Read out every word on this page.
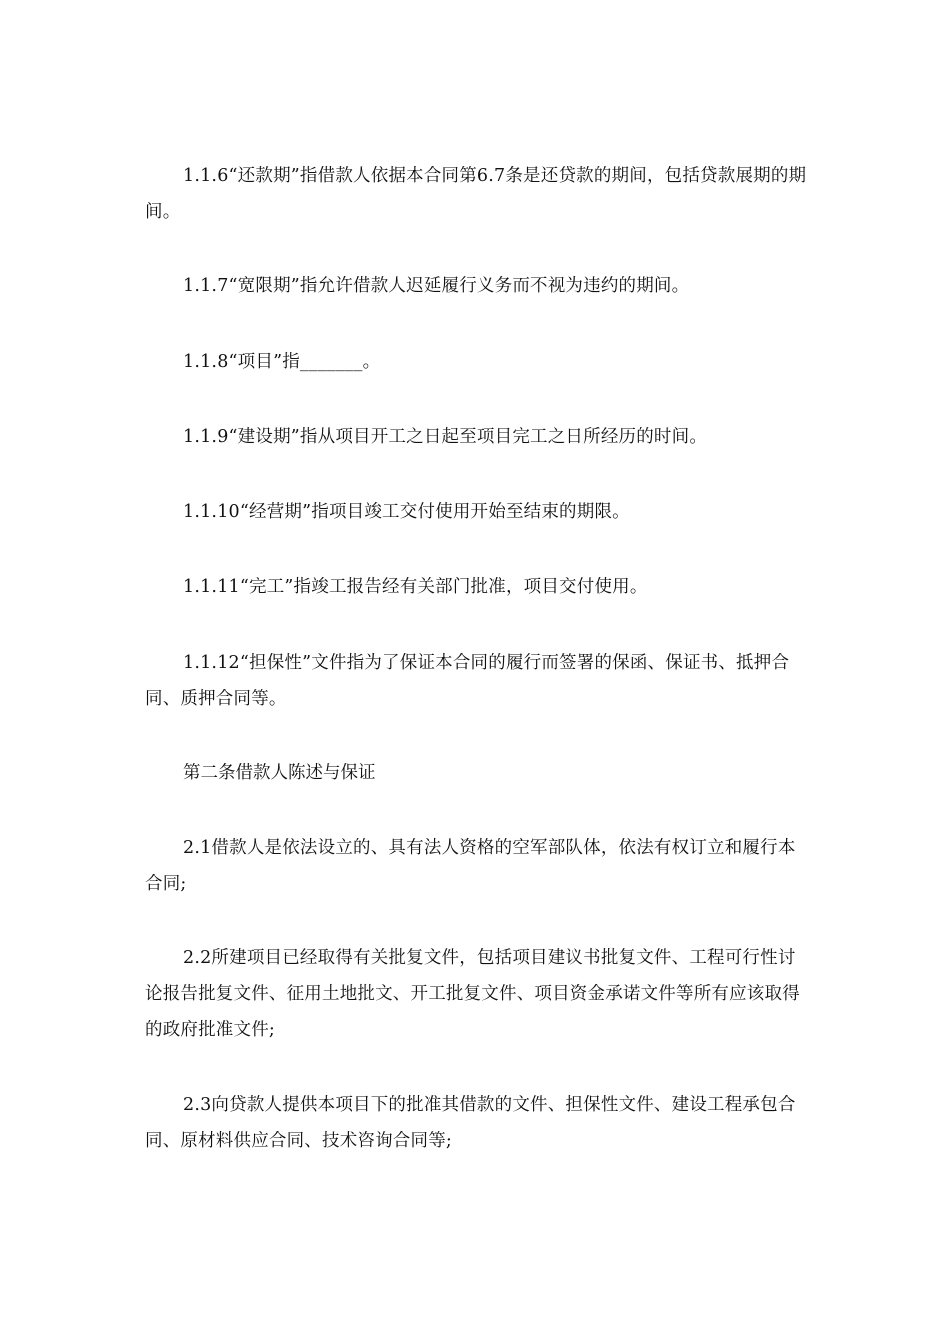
1.1.6“还款期”指借款人依据本合同第6.7条是还贷款的期间，包括贷款展期的期间。

1.1.7“宽限期”指允许借款人迟延履行义务而不视为违约的期间。

1.1.8“项目”指_______。

1.1.9“建设期”指从项目开工之日起至项目完工之日所经历的时间。

1.1.10“经营期”指项目竣工交付使用开始至结束的期限。

1.1.11“完工”指竣工报告经有关部门批准，项目交付使用。

1.1.12“担保性”文件指为了保证本合同的履行而签署的保函、保证书、抵押合同、质押合同等。

第二条借款人陈述与保证

2.1借款人是依法设立的、具有法人资格的空军部队体，依法有权订立和履行本合同;

2.2所建项目已经取得有关批复文件，包括项目建议书批复文件、工程可行性讨论报告批复文件、征用土地批文、开工批复文件、项目资金承诺文件等所有应该取得的政府批准文件;

2.3向贷款人提供本项目下的批准其借款的文件、担保性文件、建设工程承包合同、原材料供应合同、技术咨询合同等;
